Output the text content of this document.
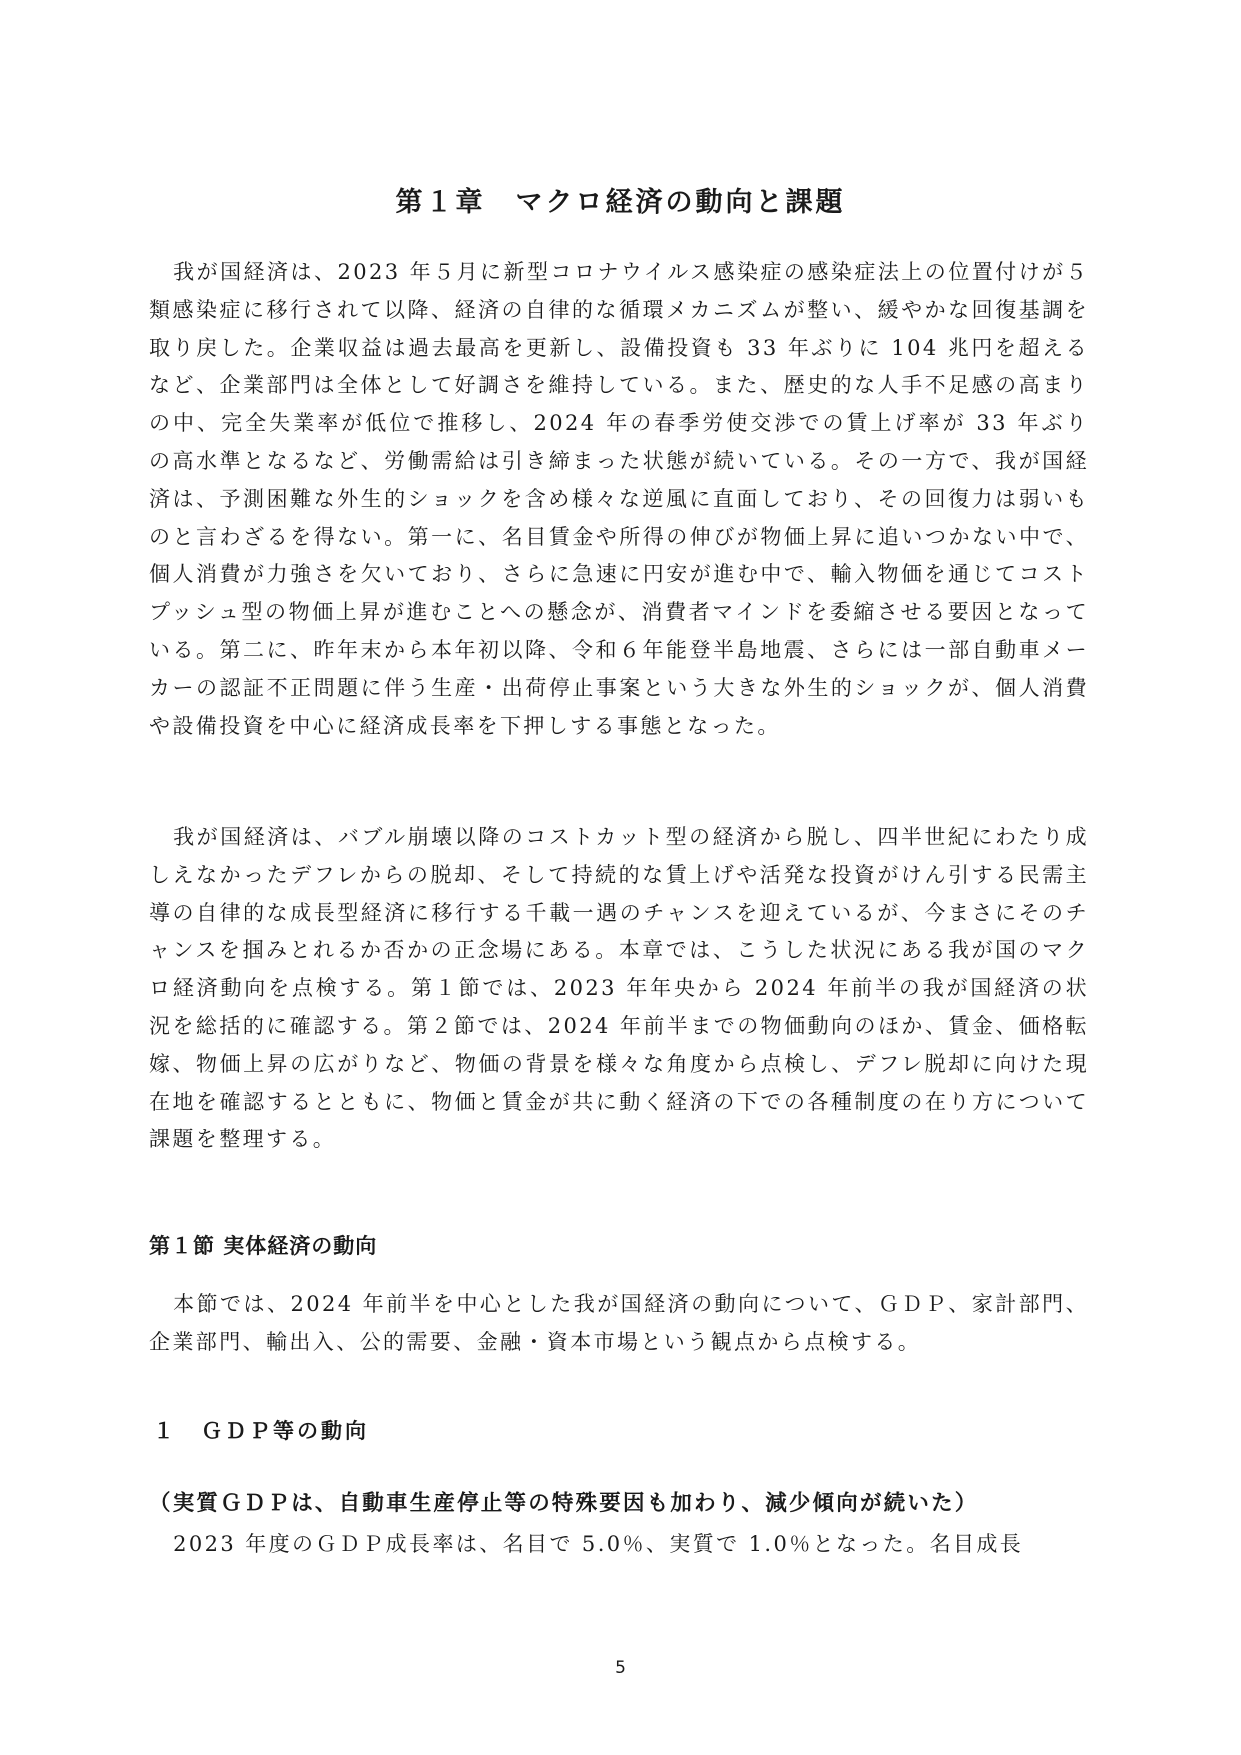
第１章　マクロ経済の動向と課題

我が国経済は、2023 年５月に新型コロナウイルス感染症の感染症法上の位置付けが５類感染症に移行されて以降、経済の自律的な循環メカニズムが整い、緩やかな回復基調を取り戻した。企業収益は過去最高を更新し、設備投資も 33 年ぶりに 104 兆円を超えるなど、企業部門は全体として好調さを維持している。また、歴史的な人手不足感の高まりの中、完全失業率が低位で推移し、2024 年の春季労使交渉での賃上げ率が 33 年ぶりの高水準となるなど、労働需給は引き締まった状態が続いている。その一方で、我が国経済は、予測困難な外生的ショックを含め様々な逆風に直面しており、その回復力は弱いものと言わざるを得ない。第一に、名目賃金や所得の伸びが物価上昇に追いつかない中で、個人消費が力強さを欠いており、さらに急速に円安が進む中で、輸入物価を通じてコストプッシュ型の物価上昇が進むことへの懸念が、消費者マインドを委縮させる要因となっている。第二に、昨年末から本年初以降、令和６年能登半島地震、さらには一部自動車メーカーの認証不正問題に伴う生産・出荷停止事案という大きな外生的ショックが、個人消費や設備投資を中心に経済成長率を下押しする事態となった。

我が国経済は、バブル崩壊以降のコストカット型の経済から脱し、四半世紀にわたり成しえなかったデフレからの脱却、そして持続的な賃上げや活発な投資がけん引する民需主導の自律的な成長型経済に移行する千載一遇のチャンスを迎えているが、今まさにそのチャンスを掴みとれるか否かの正念場にある。本章では、こうした状況にある我が国のマクロ経済動向を点検する。第１節では、2023 年年央から 2024 年前半の我が国経済の状況を総括的に確認する。第２節では、2024 年前半までの物価動向のほか、賃金、価格転嫁、物価上昇の広がりなど、物価の背景を様々な角度から点検し、デフレ脱却に向けた現在地を確認するとともに、物価と賃金が共に動く経済の下での各種制度の在り方について課題を整理する。

第１節 実体経済の動向

本節では、2024 年前半を中心とした我が国経済の動向について、ＧＤＰ、家計部門、企業部門、輸出入、公的需要、金融・資本市場という観点から点検する。

１ ＧＤＰ等の動向
（実質ＧＤＰは、自動車生産停止等の特殊要因も加わり、減少傾向が続いた）

2023 年度のＧＤＰ成長率は、名目で 5.0％、実質で 1.0％となった。名目成長

5
